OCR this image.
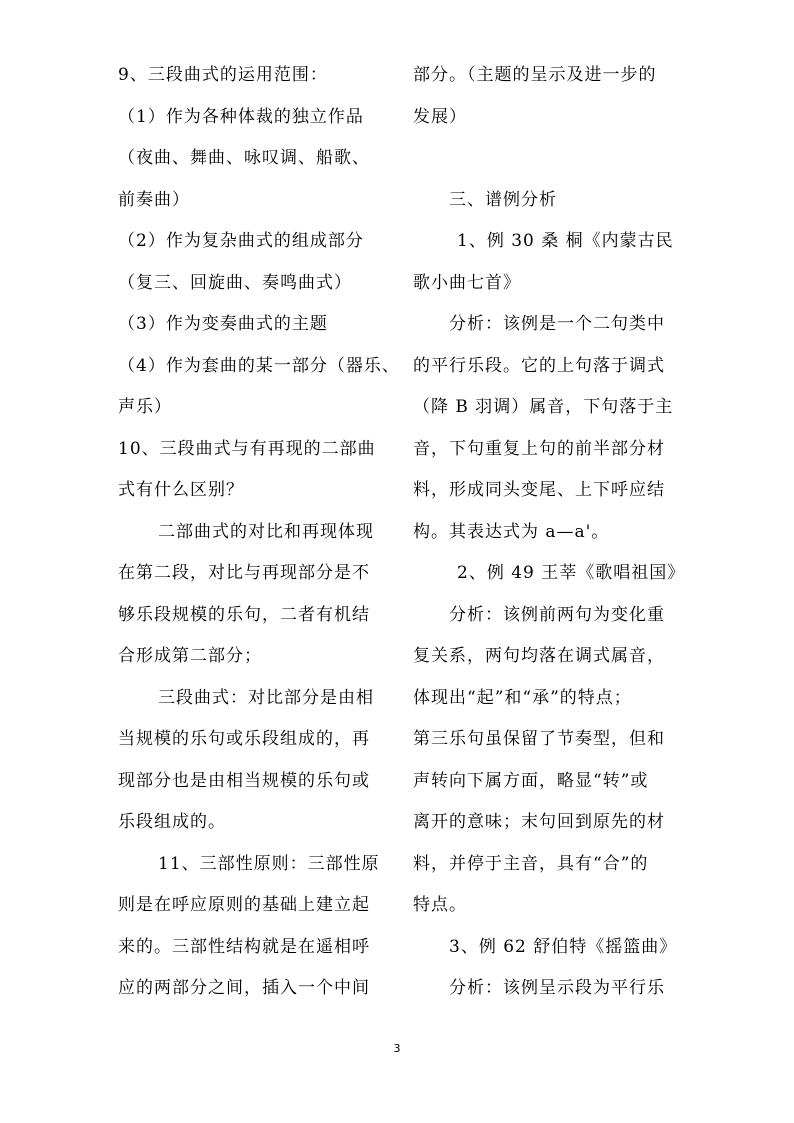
9、三段曲式的运用范围：
（1）作为各种体裁的独立作品
（夜曲、舞曲、咏叹调、船歌、
前奏曲）
（2）作为复杂曲式的组成部分
（复三、回旋曲、奏鸣曲式）
（3）作为变奏曲式的主题
（4）作为套曲的某一部分（器乐、
声乐）
10、三段曲式与有再现的二部曲
式有什么区别？
二部曲式的对比和再现体现
在第二段，对比与再现部分是不
够乐段规模的乐句，二者有机结
合形成第二部分；
三段曲式：对比部分是由相
当规模的乐句或乐段组成的，再
现部分也是由相当规模的乐句或
乐段组成的。
11、三部性原则：三部性原
则是在呼应原则的基础上建立起
来的。三部性结构就是在遥相呼
应的两部分之间，插入一个中间
部分。（主题的呈示及进一步的
发展）
三、谱例分析
1、例 30 桑 桐《内蒙古民
歌小曲七首》
分析：该例是一个二句类中
的平行乐段。它的上句落于调式
（降 B 羽调）属音，下句落于主
音，下句重复上句的前半部分材
料，形成同头变尾、上下呼应结
构。其表达式为 a—a'。
2、例 49 王莘《歌唱祖国》
分析：该例前两句为变化重
复关系，两句均落在调式属音，
体现出“起”和“承”的特点；
第三乐句虽保留了节奏型，但和
声转向下属方面，略显“转”或
离开的意味；末句回到原先的材
料，并停于主音，具有“合”的
特点。
3、例 62 舒伯特《摇篮曲》
分析：该例呈示段为平行乐
3
